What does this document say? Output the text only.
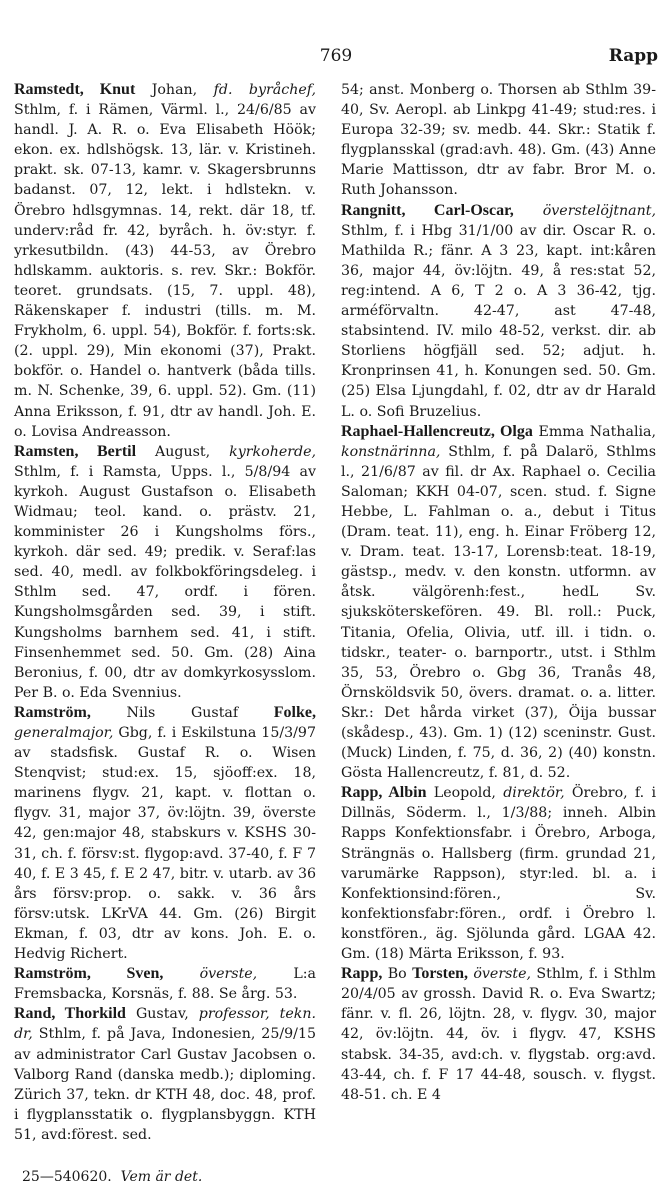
769	Rapp

Ramstedt, Knut Johan, fd. byråchef, Sthlm, f. i Rämen, Värml. l., 24/6/85 av handl. J. A. R. o. Eva Elisabeth Höök; ekon. ex. hdlshögsk. 13, lär. v. Kristineh. prakt. sk. 07-13, kamr. v. Skagersbrunns badanst. 07, 12, lekt. i hdlstekn. v. Örebro hdlsgymnas. 14, rekt. där 18, tf. underv:råd fr. 42, byråch. h. öv:styr. f. yrkesutbildn. (43) 44-53, av Örebro hdlskamm. auktoris. s. rev. Skr.: Bokför. teoret. grundsats. (15, 7. uppl. 48), Räkenskaper f. industri (tills. m. M. Frykholm, 6. uppl. 54), Bokför. f. forts:sk. (2. uppl. 29), Min ekonomi (37), Prakt. bokför. o. Handel o. hantverk (båda tills. m. N. Schenke, 39, 6. uppl. 52). Gm. (11) Anna Eriksson, f. 91, dtr av handl. Joh. E. o. Lovisa Andreasson.

Ramsten, Bertil August, kyrkoherde, Sthlm, f. i Ramsta, Upps. l., 5/8/94 av kyrkoh. August Gustafson o. Elisabeth Widmau; teol. kand. o. prästv. 21, komminister 26 i Kungsholms förs., kyrkoh. där sed. 49; predik. v. Seraf:las sed. 40, medl. av folkbokföringsdeleg. i Sthlm sed. 47, ordf. i fören. Kungsholmsgården sed. 39, i stift. Kungsholms barnhem sed. 41, i stift. Finsenhemmet sed. 50. Gm. (28) Aina Beronius, f. 00, dtr av domkyrkosysslom. Per B. o. Eda Svennius.

Ramström, Nils Gustaf Folke, generalmajor, Gbg, f. i Eskilstuna 15/3/97 av stadsfisk. Gustaf R. o. Wisen Stenqvist; stud:ex. 15, sjöoff:ex. 18, marinens flygv. 21, kapt. v. flottan o. flygv. 31, major 37, öv:löjtn. 39, överste 42, gen:major 48, stabskurs v. KSHS 30-31, ch. f. försv:st. flygop:avd. 37-40, f. F 7 40, f. E 3 45, f. E 2 47, bitr. v. utarb. av 36 års försv:prop. o. sakk. v. 36 års försv:utsk. LKrVA 44. Gm. (26) Birgit Ekman, f. 03, dtr av kons. Joh. E. o. Hedvig Richert.

Ramström, Sven,	överste, L:a Fremsbacka, Korsnäs, f. 88. Se årg. 53.

Rand, Thorkild Gustav, professor, tekn. dr, Sthlm, f. på Java, Indonesien, 25/9/15 av administrator Carl Gustav Jacobsen o. Valborg Rand (danska medb.); diploming. Zürich 37, tekn. dr KTH 48, doc. 48, prof. i flygplansstatik o. flygplansbyggn. KTH 51, avd:förest. sed.

25—540620. Vem är det.

54; anst. Monberg o. Thorsen ab Sthlm 39-40, Sv. Aeropl. ab Linkpg 41-49; stud:res. i Europa 32-39; sv. medb. 44. Skr.: Statik f. flygplansskal (grad:avh. 48). Gm. (43) Anne Marie Mattisson, dtr av fabr. Bror M. o. Ruth Johansson.

Rangnitt, Carl-Oscar, överstelöjtnant, Sthlm, f. i Hbg 31/1/00 av dir. Oscar R. o. Mathilda R.; fänr. A 3 23, kapt. int:kåren 36, major 44, öv:löjtn. 49, å res:stat 52, reg:intend. A 6, T 2 o. A 3 36-42, tjg. arméförvaltn. 42-47, ast 47-48, stabsintend. IV. milo 48-52, verkst. dir. ab Storliens högfjäll sed. 52; adjut. h. Kronprinsen 41, h. Konungen sed. 50. Gm. (25) Elsa Ljungdahl, f. 02, dtr av dr Harald L. o. Sofi Bruzelius.

Raphael-Hallencreutz, Olga Emma Nathalia, konstnärinna, Sthlm, f. på Dalarö, Sthlms l., 21/6/87 av fil. dr Ax. Raphael o. Cecilia Saloman; KKH 04-07, scen. stud. f. Signe Hebbe, L. Fahlman o. a., debut i Titus (Dram. teat. 11), eng. h. Einar Fröberg 12, v. Dram. teat. 13-17, Lorensb:teat. 18-19, gästsp., medv. v. den konstn. utformn. av åtsk. välgörenh:fest., hedL Sv. sjuksköterskefören. 49. Bl. roll.: Puck, Titania, Ofelia, Olivia, utf. ill. i tidn. o. tidskr., teater- o. barnportr., utst. i Sthlm 35, 53, Örebro o. Gbg 36, Tranås 48, Örnsköldsvik 50, övers. dramat. o. a. litter. Skr.: Det hårda virket (37), Öija bussar (skådesp., 43). Gm. 1) (12) sceninstr. Gust. (Muck) Linden, f. 75, d. 36, 2) (40) konstn. Gösta Hallencreutz, f. 81, d. 52.

Rapp, Albin Leopold, direktör, Örebro, f. i Dillnäs, Söderm. l., 1/3/88; inneh. Albin Rapps Konfektionsfabr. i Örebro, Arboga, Strängnäs o. Hallsberg (firm. grundad 21, varumärke Rappson), styr:led. bl. a. i Konfektionsind:fören., Sv. konfektionsfabr:fören., ordf. i Örebro l. konstfören., äg. Sjölunda gård. LGAA 42. Gm. (18) Märta Eriksson, f. 93.

Rapp, Bo Torsten, överste, Sthlm, f. i Sthlm 20/4/05 av grossh. David R. o. Eva Swartz; fänr. v. fl. 26, löjtn. 28, v. flygv. 30, major 42, öv:löjtn. 44, öv. i flygv. 47, KSHS stabsk. 34-35, avd:ch. v. flygstab. org:avd. 43-44, ch. f. F 17 44-48, sousch. v. flygst. 48-51. ch. E 4
